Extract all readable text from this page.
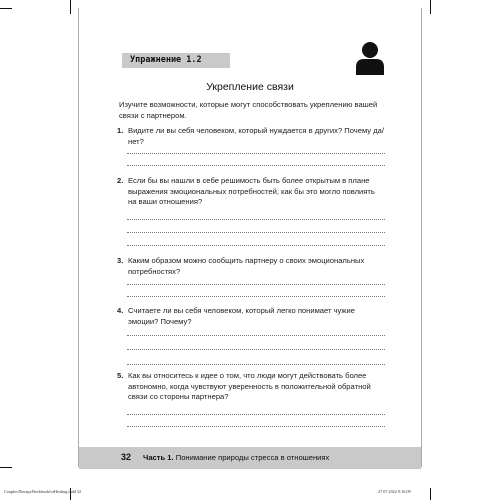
Упражнение 1.2
Укрепление связи
Изучите возможности, которые могут способствовать укреплению вашей связи с партнером.
1. Видите ли вы себя человеком, который нуждается в других? Почему да/нет?
2. Если бы вы нашли в себе решимость быть более открытым в плане выражения эмоциональных потребностей, как бы это могло повлиять на ваши отношения?
3. Каким образом можно сообщить партнеру о своих эмоциональных потребностях?
4. Считаете ли вы себя человеком, который легко понимает чужие эмоции? Почему?
5. Как вы относитесь к идее о том, что люди могут действовать более автономно, когда чувствуют уверенность в положительной обратной связи со стороны партнера?
32 Часть 1. Понимание природы стресса в отношениях
CouplesTherapyWorkbookforHealing.indd 32	27.07.2022 9:16:09
